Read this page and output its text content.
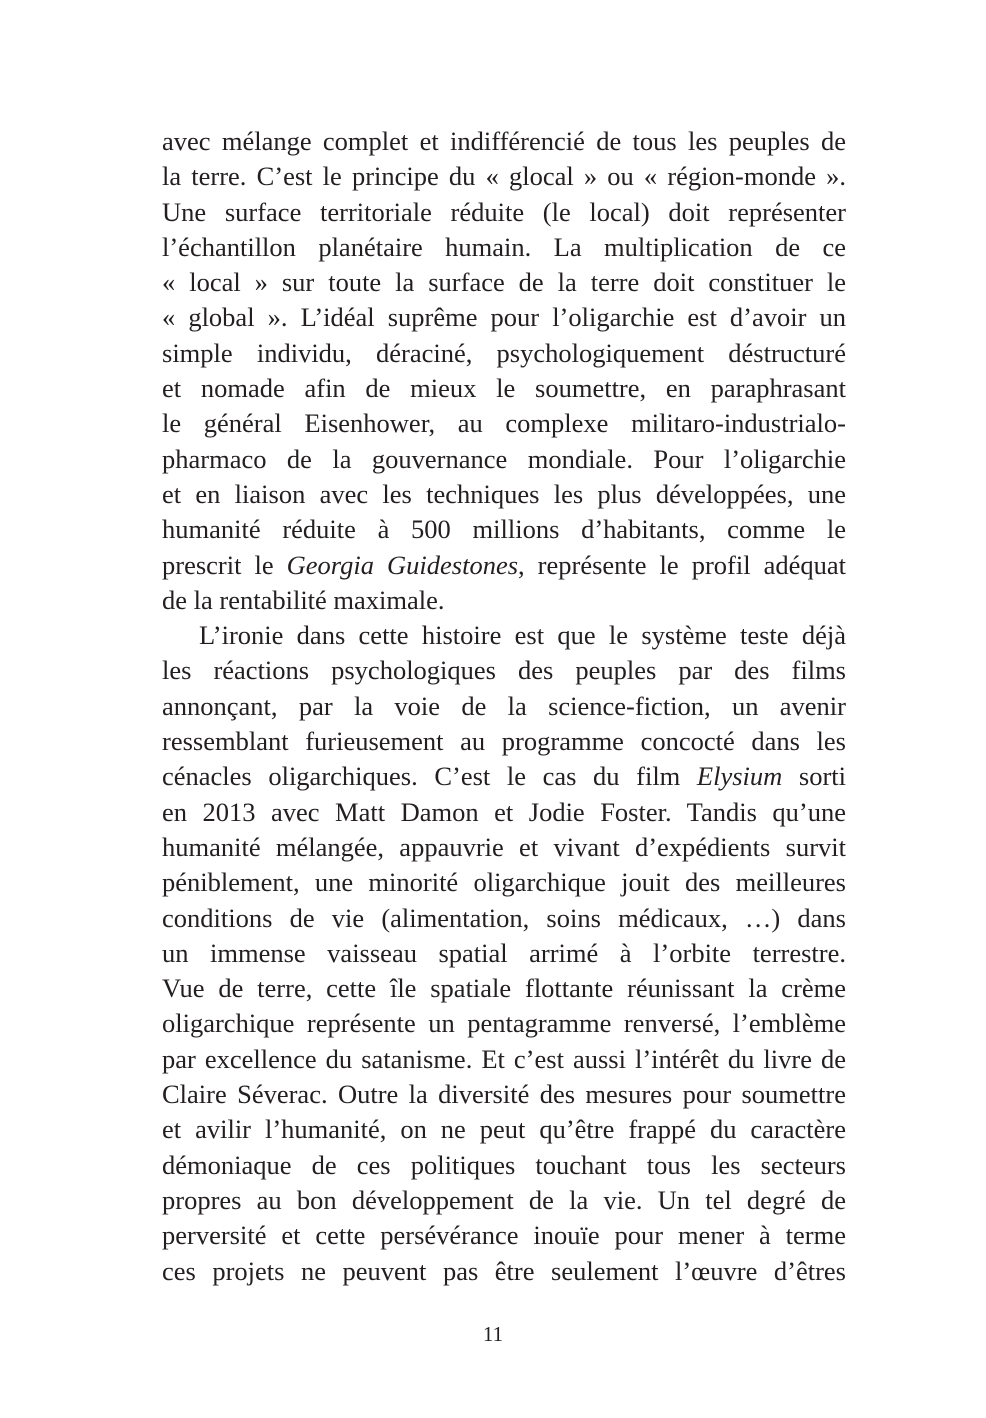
avec mélange complet et indifférencié de tous les peuples de
la terre. C’est le principe du « glocal » ou « région-monde ».
Une surface territoriale réduite (le local) doit représenter
l’échantillon planétaire humain. La multiplication de ce
« local » sur toute la surface de la terre doit constituer le
« global ». L’idéal suprême pour l’oligarchie est d’avoir un
simple individu, déraciné, psychologiquement déstructuré
et nomade afin de mieux le soumettre, en paraphrasant
le général Eisenhower, au complexe militaro-industrialo-
pharmaco de la gouvernance mondiale. Pour l’oligarchie
et en liaison avec les techniques les plus développées, une
humanité réduite à 500 millions d’habitants, comme le
prescrit le Georgia Guidestones, représente le profil adéquat
de la rentabilité maximale.
L’ironie dans cette histoire est que le système teste déjà
les réactions psychologiques des peuples par des films
annonçant, par la voie de la science-fiction, un avenir
ressemblant furieusement au programme concocté dans les
cénacles oligarchiques. C’est le cas du film Elysium sorti
en 2013 avec Matt Damon et Jodie Foster. Tandis qu’une
humanité mélangée, appauvrie et vivant d’expédients survit
péniblement, une minorité oligarchique jouit des meilleures
conditions de vie (alimentation, soins médicaux, …) dans
un immense vaisseau spatial arrimé à l’orbite terrestre.
Vue de terre, cette île spatiale flottante réunissant la crème
oligarchique représente un pentagramme renversé, l’emblème
par excellence du satanisme. Et c’est aussi l’intérêt du livre de
Claire Séverac. Outre la diversité des mesures pour soumettre
et avilir l’humanité, on ne peut qu’être frappé du caractère
démoniaque de ces politiques touchant tous les secteurs
propres au bon développement de la vie. Un tel degré de
perversité et cette persévérance inouïe pour mener à terme
ces projets ne peuvent pas être seulement l’œuvre d’êtres
11
